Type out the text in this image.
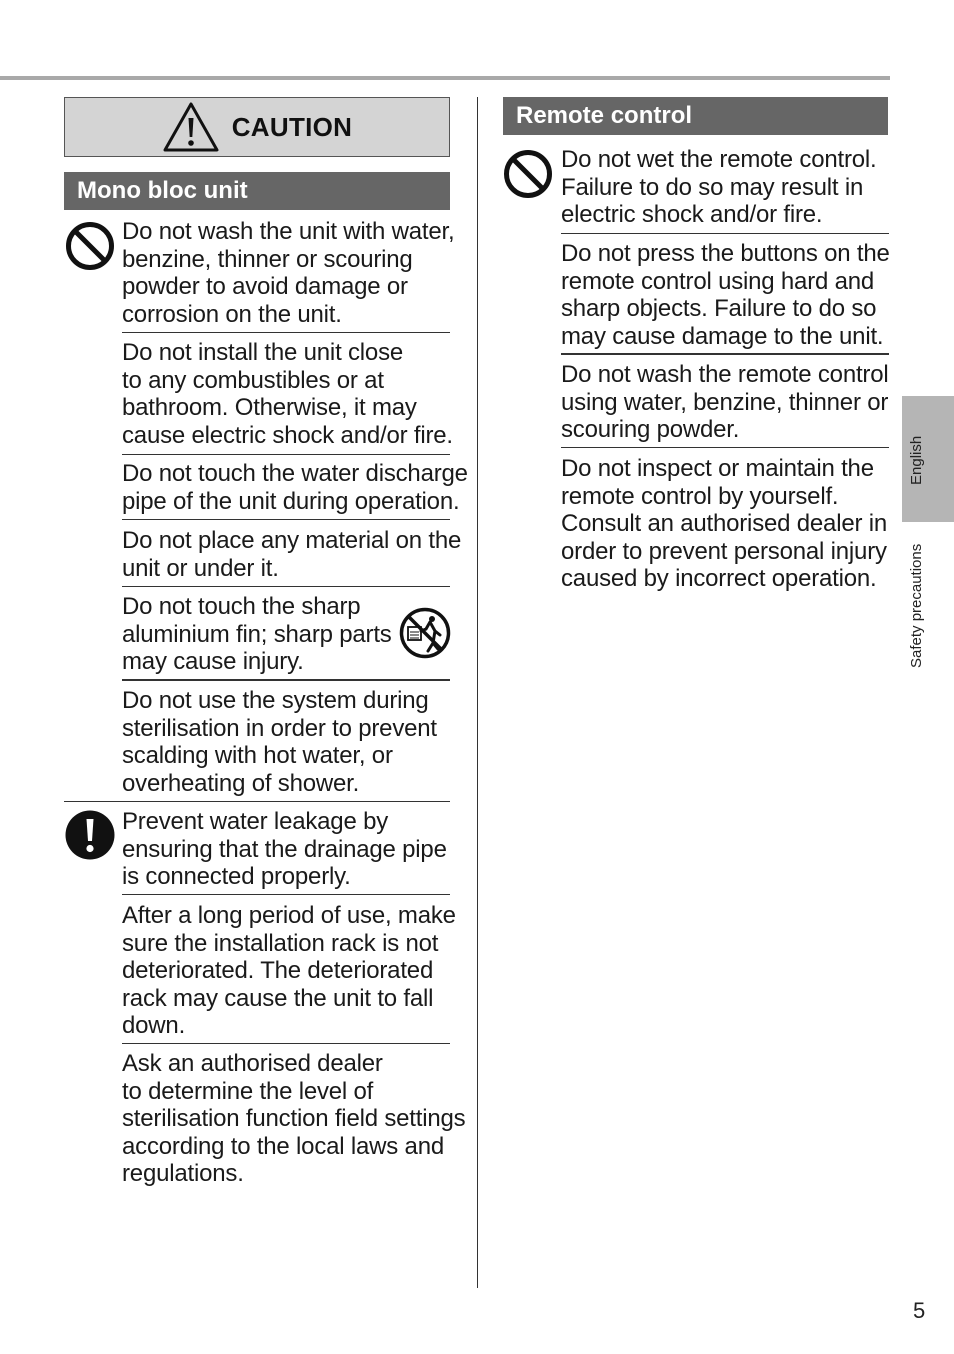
CAUTION
Mono bloc unit
Do not wash the unit with water,
benzine, thinner or scouring
powder to avoid damage or
corrosion on the unit.
Do not install the unit close
to any combustibles or at
bathroom. Otherwise, it may
cause electric shock and/or fire.
Do not touch the water discharge
pipe of the unit during operation.
Do not place any material on the
unit or under it.
Do not touch the sharp
aluminium fin; sharp parts
may cause injury.
Do not use the system during
sterilisation in order to prevent
scalding with hot water, or
overheating of shower.
Prevent water leakage by
ensuring that the drainage pipe
is connected properly.
After a long period of use, make
sure the installation rack is not
deteriorated. The deteriorated
rack may cause the unit to fall
down.
Ask an authorised dealer
to determine the level of
sterilisation function field settings
according to the local laws and
regulations.
Remote control
Do not wet the remote control.
Failure to do so may result in
electric shock and/or fire.
Do not press the buttons on the
remote control using hard and
sharp objects. Failure to do so
may cause damage to the unit.
Do not wash the remote control
using water, benzine, thinner or
scouring powder.
Do not inspect or maintain the
remote control by yourself.
Consult an authorised dealer in
order to prevent personal injury
caused by incorrect operation.
English
Safety precautions
5
